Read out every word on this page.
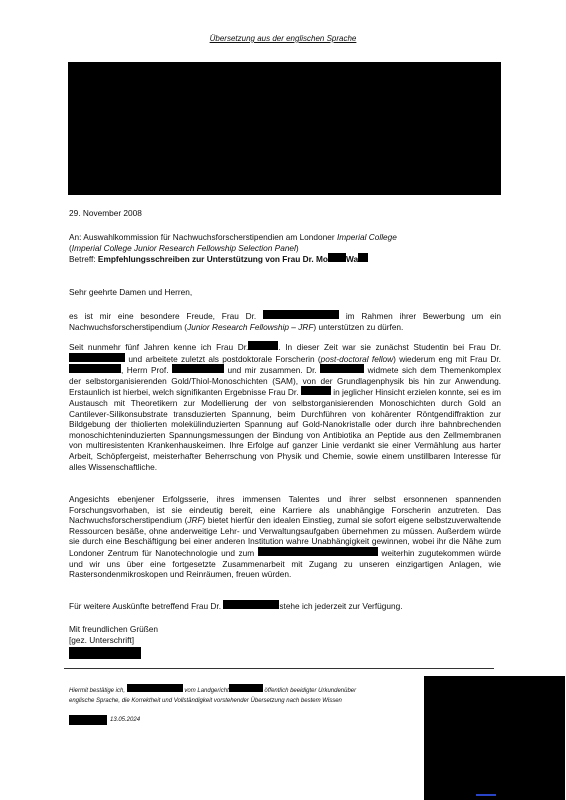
Übersetzung aus der englischen Sprache
29. November 2008
An: Auswahlkommission für Nachwuchsforscherstipendien am Londoner Imperial College
(Imperial College Junior Research Fellowship Selection Panel)
Betreff: Empfehlungsschreiben zur Unterstützung von Frau Dr. Mo Wa
Sehr geehrte Damen und Herren,

es ist mir eine besondere Freude, Frau Dr.	im Rahmen ihrer Bewerbung um ein Nachwuchsforscherstipendium (Junior Research Fellowship – JRF) unterstützen zu dürfen.

Seit nunmehr fünf Jahren kenne ich Frau Dr.	. In dieser Zeit war sie zunächst Studentin bei Frau Dr.  und arbeitete zuletzt als postdoktorale Forscherin (post-doctoral fellow) wiederum eng mit Frau Dr. , Herrn Prof.	und mir zusammen. Dr.	widmete sich dem Themenkomplex der selbstorganisierenden Gold/Thiol-Monoschichten (SAM), von der Grundlagenphysik bis hin zur Anwendung. Erstaunlich ist hierbei, welch signifikanten Ergebnisse Frau Dr.	in jeglicher Hinsicht erzielen konnte, sei es im Austausch mit Theoretikern zur Modellierung der von selbstorganisierenden Monoschichten durch Gold an Cantilever-Silikonsubstrate transduzierten Spannung, beim Durchführen von kohärenter Röntgendiffraktion zur Bildgebung der thiolierten molekülinduzierten Spannung auf Gold-Nanokristalle oder durch ihre bahnbrechenden monoschichteninduzierten Spannungsmessungen der Bindung von Antibiotika an Peptide aus den Zellmembranen von multiresistenten Krankenhauskeimen. Ihre Erfolge auf ganzer Linie verdankt sie einer Vermählung aus harter Arbeit, Schöpfergeist, meisterhafter Beherrschung von Physik und Chemie, sowie einem unstillbaren Interesse für alles Wissenschaftliche.

Angesichts ebenjener Erfolgsserie, ihres immensen Talentes und ihrer selbst ersonnenen spannenden Forschungsvorhaben, ist sie eindeutig bereit, eine Karriere als unabhängige Forscherin anzutreten. Das Nachwuchsforscherstipendium (JRF) bietet hierfür den idealen Einstieg, zumal sie sofort eigene selbstzuverwaltende Ressourcen besäße, ohne anderweitige Lehr- und Verwaltungsaufgaben übernehmen zu müssen. Außerdem würde sie durch eine Beschäftigung bei einer anderen Institution wahre Unabhängigkeit gewinnen, wobei ihr die Nähe zum Londoner Zentrum für Nanotechnologie und zum	weiterhin zugutekommen würde und wir uns über eine fortgesetzte Zusammenarbeit mit Zugang zu unseren einzigartigen Anlagen, wie Rastersondenmikroskopen und Reinräumen, freuen würden.

Für weitere Auskünfte betreffend Frau Dr.	stehe ich jederzeit zur Verfügung.

Mit freundlichen Grüßen
[gez. Unterschrift]
Hiermit bestätige ich,	vom Landgericht	öffentlich beeidigter Urkundenüber
englische Sprache, die Korrektheit und Vollständigkeit vorstehender Übersetzung nach bestem Wissen
13.05.2024
